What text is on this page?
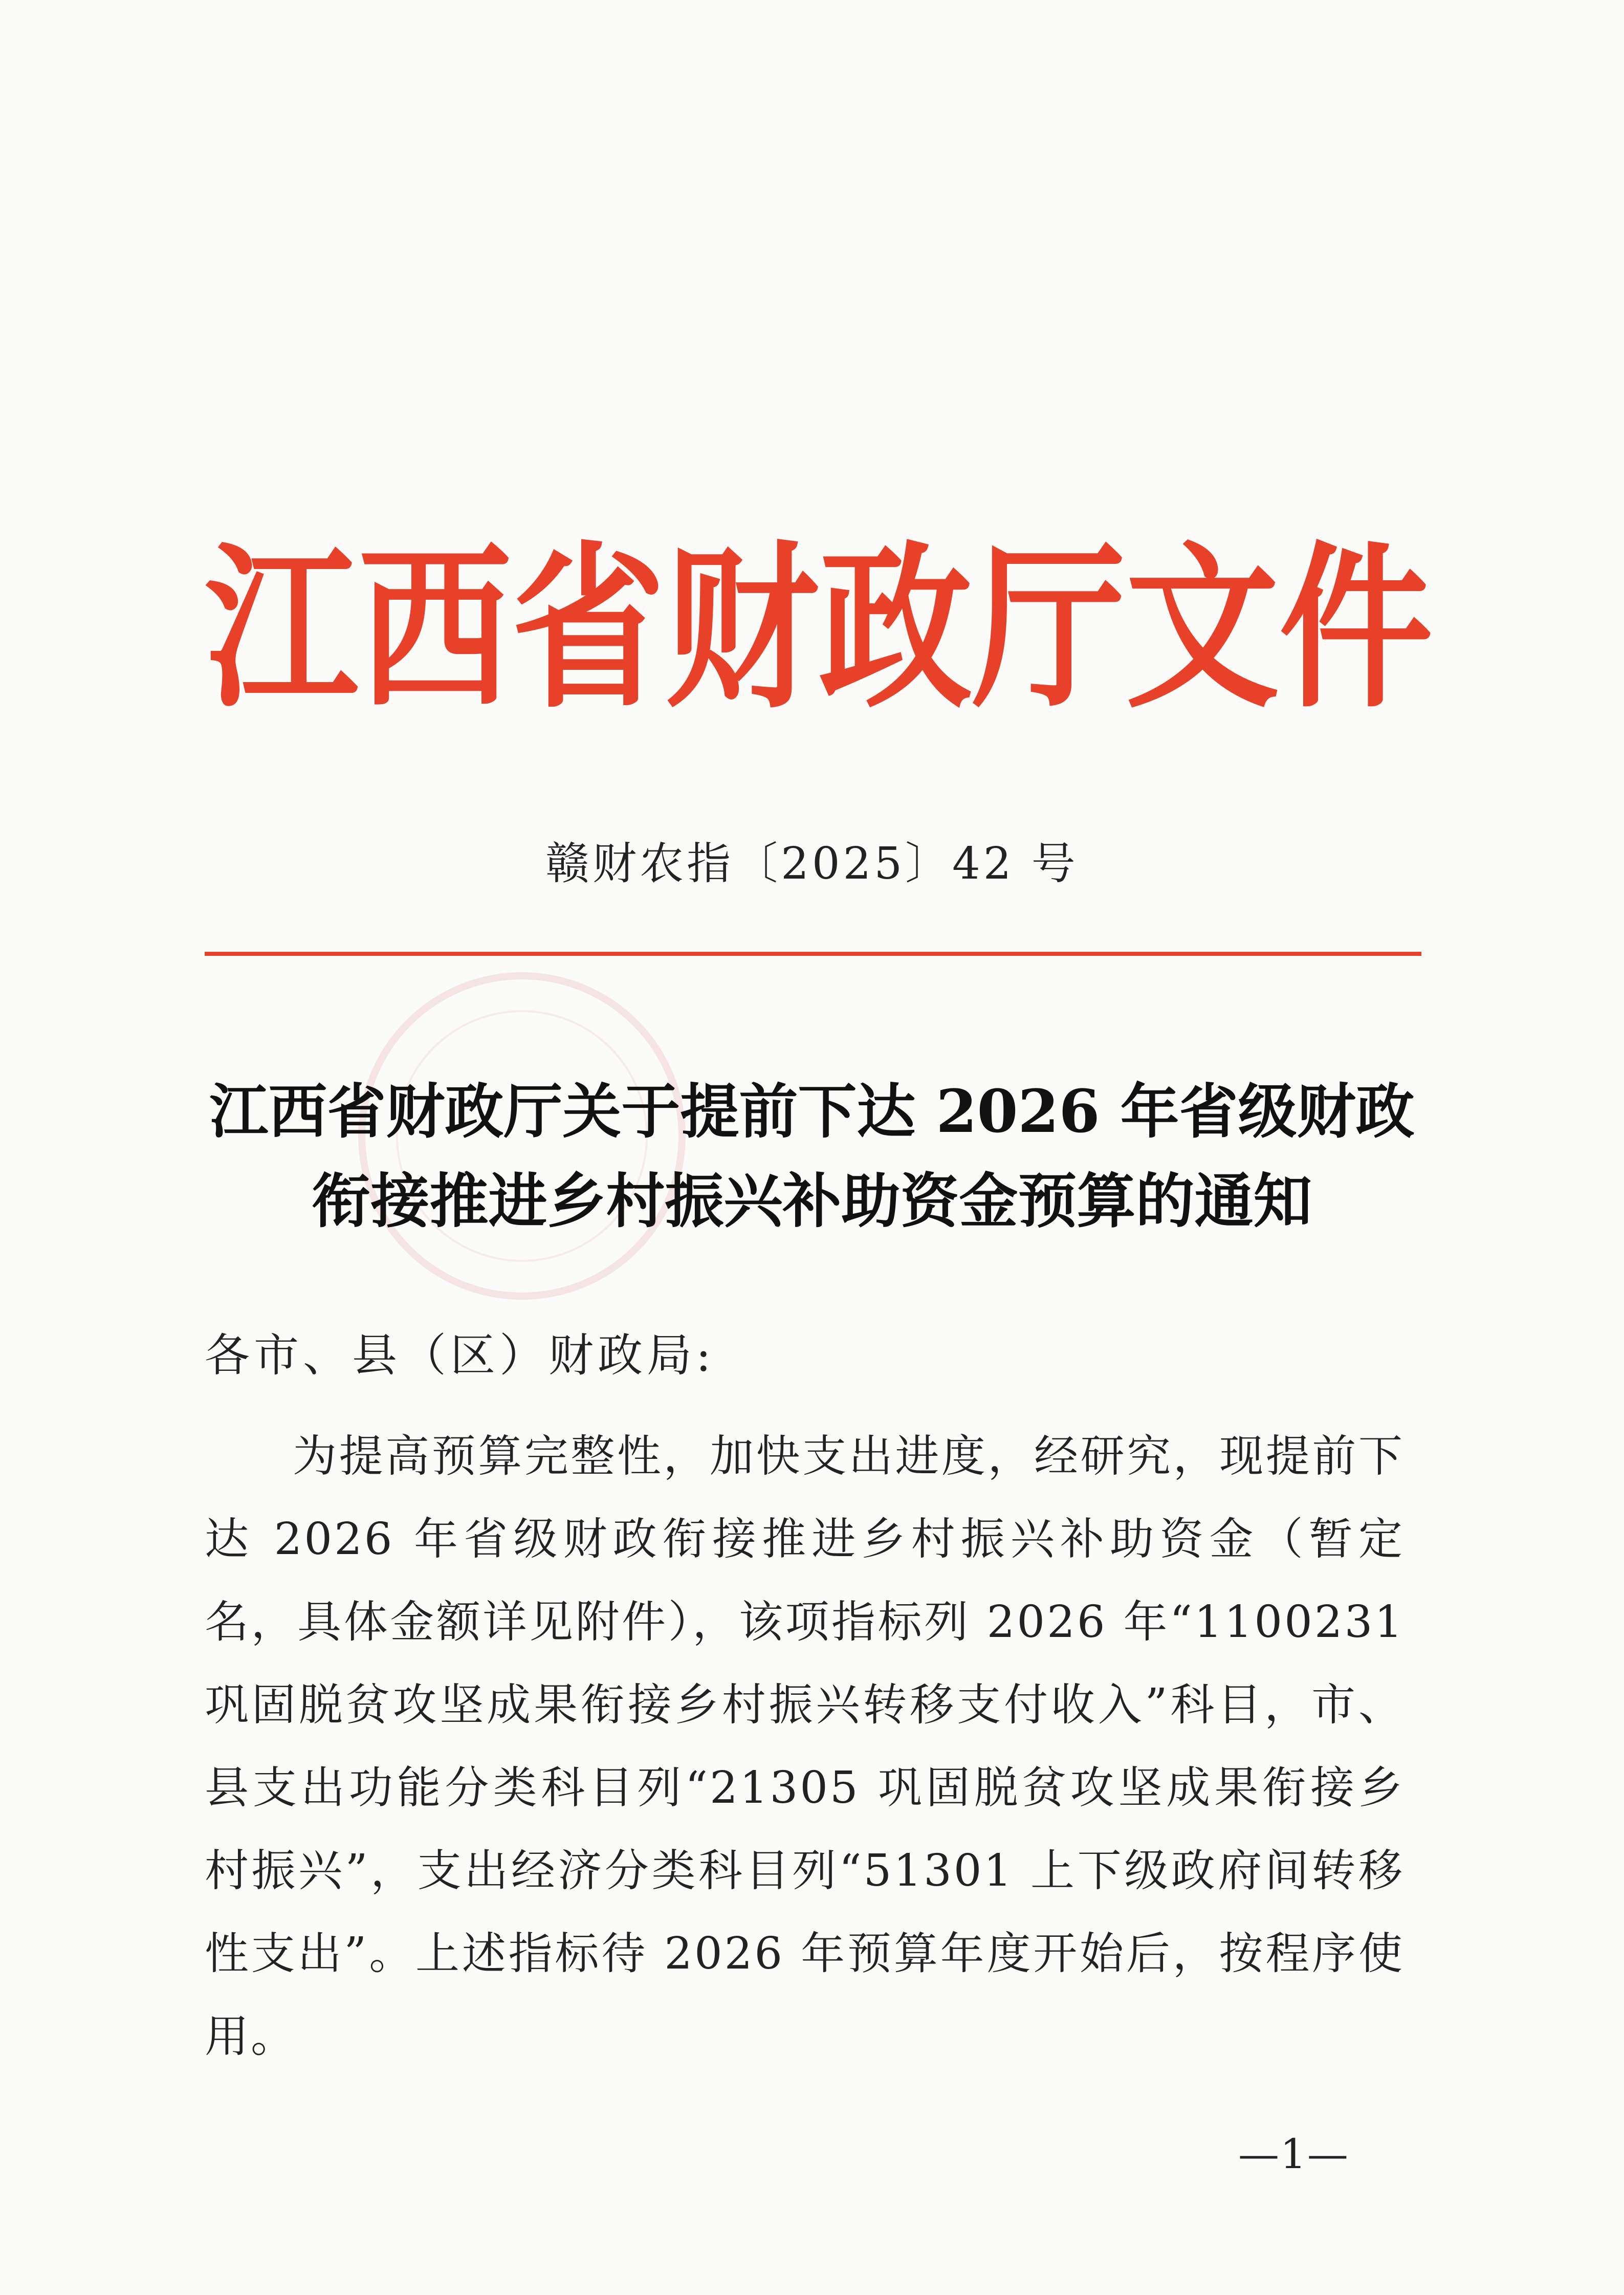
江 西 省 财 政 厅 文 件
赣财农指〔2025〕42 号
江西省财政厅关于提前下达 2026 年省级财政
衔接推进乡村振兴补助资金预算的通知
各市、县（区）财政局:

为提高预算完整性，加快支出进度，经研究，现提前下达 2026 年省级财政衔接推进乡村振兴补助资金（暂定名，具体金额详见附件），该项指标列 2026 年“1100231 巩固脱贫攻坚成果衔接乡村振兴转移支付收入”科目，市、县支出功能分类科目列“21305 巩固脱贫攻坚成果衔接乡村振兴”，支出经济分类科目列“51301 上下级政府间转移性支出”。上述指标待 2026 年预算年度开始后，按程序使用。

—1—
